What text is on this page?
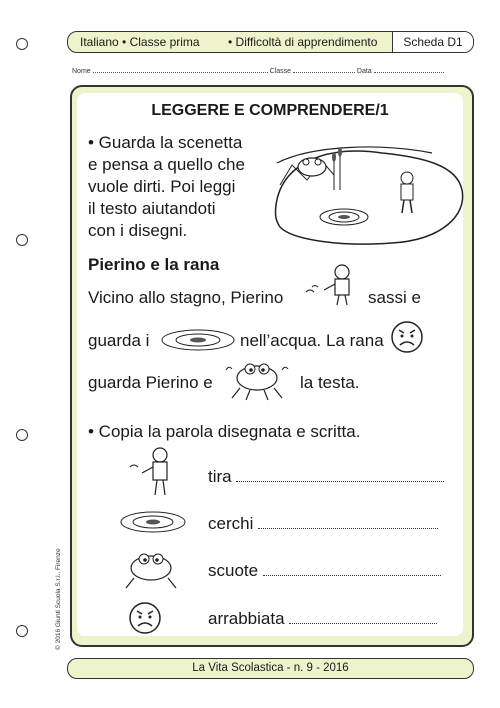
Italiano • Classe prima • Difficoltà di apprendimento	Scheda D1
Nome	Classe	Data
LEGGERE E COMPRENDERE/1
• Guarda la scenetta
e pensa a quello che
vuole dirti. Poi leggi
il testo aiutandoti
con i disegni.
Pierino e la rana
Vicino allo stagno, Pierino	sassi e
guarda i	nell’acqua. La rana
guarda Pierino e	la testa.
• Copia la parola disegnata e scritta.
tira
cerchi
scuote
arrabbiata
© 2016 Giunti Scuola S.r.l., Firenze
La Vita Scolastica - n. 9 - 2016
